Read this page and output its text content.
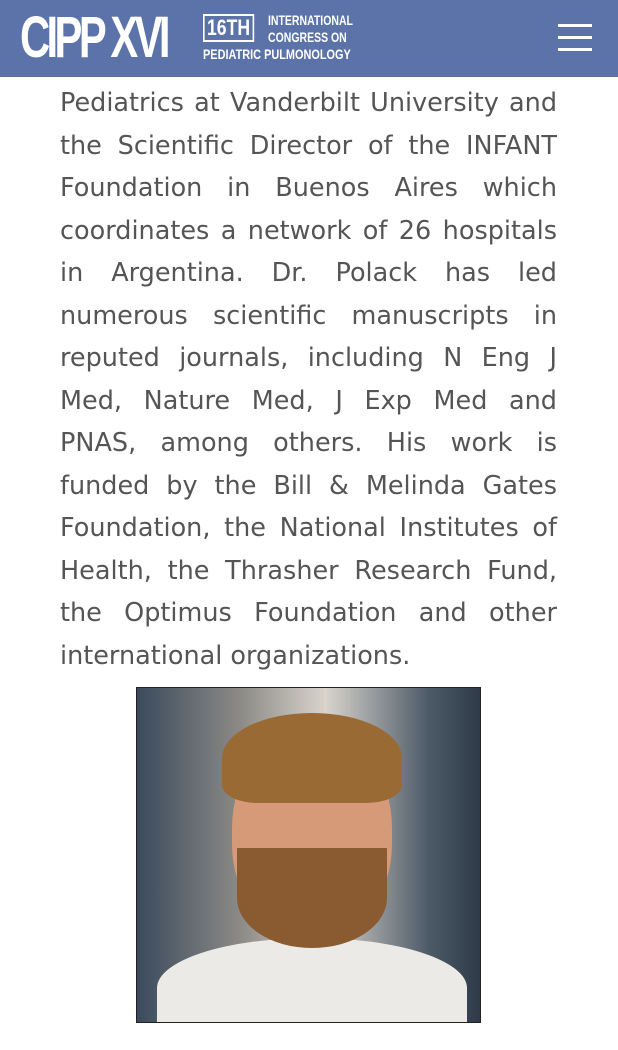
CIPP XVI 16TH INTERNATIONAL
CONGRESS ON
PEDIATRIC PULMONOLOGY

Pediatrics at Vanderbilt University and the Scientific Director of the INFANT Foundation in Buenos Aires which coordinates a network of 26 hospitals in Argentina. Dr. Polack has led numerous scientific manuscripts in reputed journals, including N Eng J Med, Nature Med, J Exp Med and PNAS, among others. His work is funded by the Bill & Melinda Gates Foundation, the National Institutes of Health, the Thrasher Research Fund, the Optimus Foundation and other international organizations.
